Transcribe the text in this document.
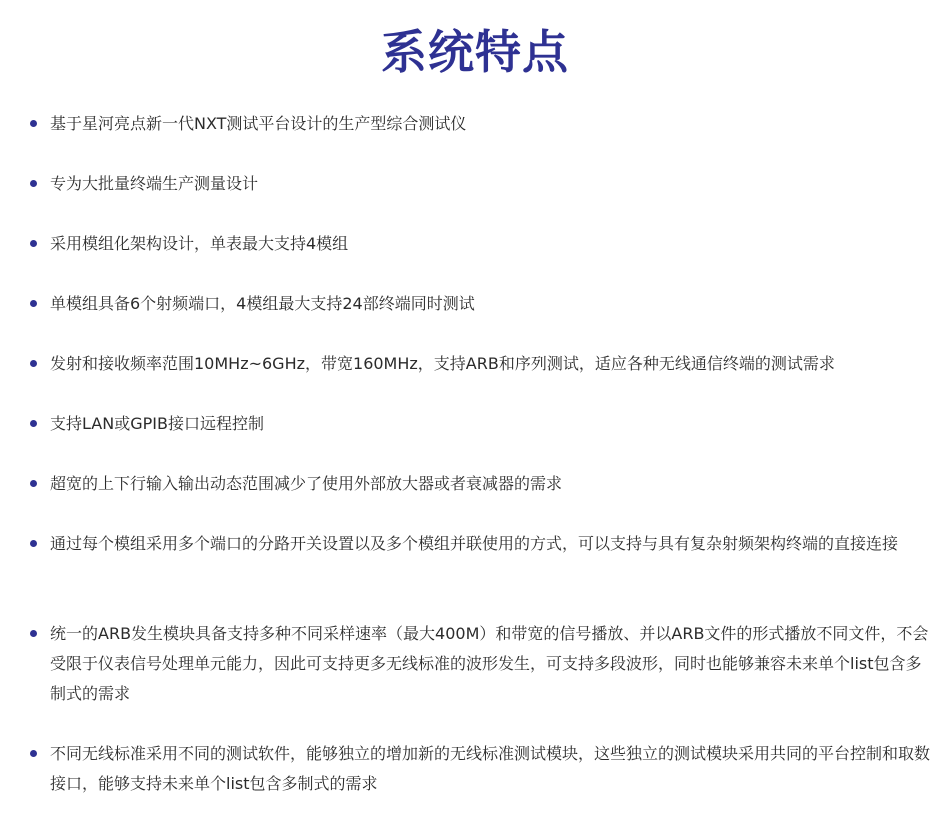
系统特点
基于星河亮点新一代NXT测试平台设计的生产型综合测试仪
专为大批量终端生产测量设计
采用模组化架构设计，单表最大支持4模组
单模组具备6个射频端口，4模组最大支持24部终端同时测试
发射和接收频率范围10MHz~6GHz，带宽160MHz，支持ARB和序列测试，适应各种无线通信终端的测试需求
支持LAN或GPIB接口远程控制
超宽的上下行输入输出动态范围减少了使用外部放大器或者衰减器的需求
通过每个模组采用多个端口的分路开关设置以及多个模组并联使用的方式，可以支持与具有复杂射频架构终端的直接连接
统一的ARB发生模块具备支持多种不同采样速率（最大400M）和带宽的信号播放、并以ARB文件的形式播放不同文件，不会受限于仪表信号处理单元能力，因此可支持更多无线标准的波形发生，可支持多段波形，同时也能够兼容未来单个list包含多制式的需求
不同无线标准采用不同的测试软件，能够独立的增加新的无线标准测试模块，这些独立的测试模块采用共同的平台控制和取数接口，能够支持未来单个list包含多制式的需求
